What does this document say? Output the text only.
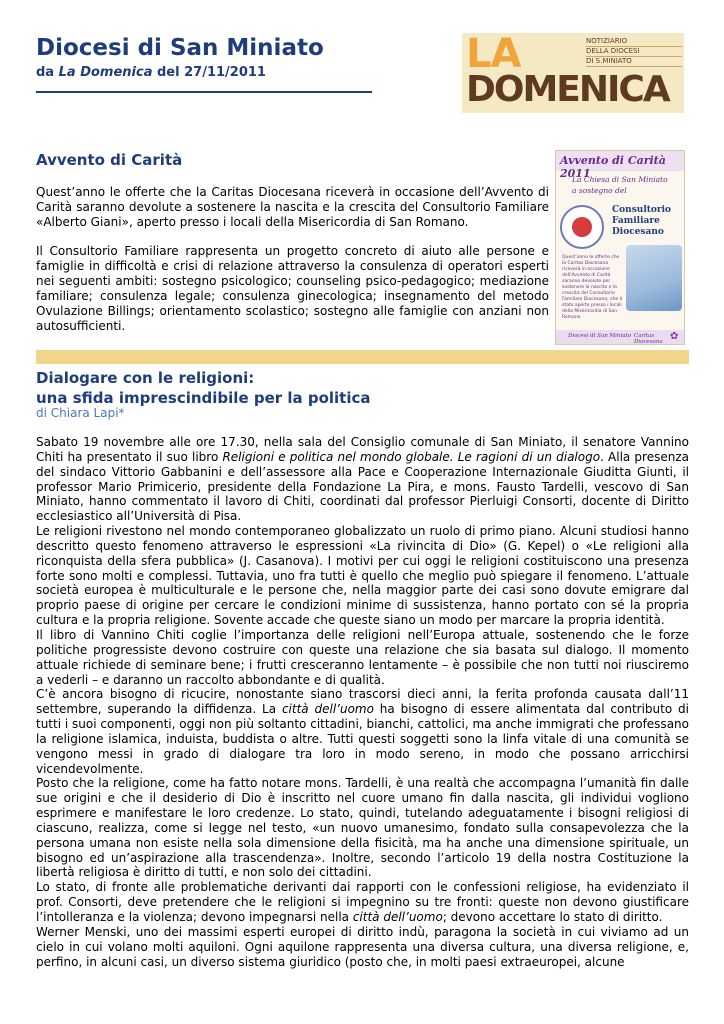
Diocesi di San Miniato
da La Domenica del 27/11/2011	LA
DOMENICA
NOTIZIARIO
DELLA DIOCESI
DI S.MINIATO
Avvento di Carità

Quest’anno le offerte che la Caritas Diocesana riceverà in occasione dell’Avvento di Carità saranno devolute a sostenere la nascita e la crescita del Consultorio Familiare «Alberto Giani», aperto presso i locali della Misericordia di San Romano.

Il Consultorio Familiare rappresenta un progetto concreto di aiuto alle persone e famiglie in difficoltà e crisi di relazione attraverso la consulenza di operatori esperti nei seguenti ambiti: sostegno psicologico; counseling psico-pedagogico; mediazione familiare; consulenza legale; consulenza ginecologica; insegnamento del metodo Ovulazione Billings; orientamento scolastico; sostegno alle famiglie con anziani non autosufficienti.

Avvento di Carità 2011
La Chiesa di San Miniato
a sostegno del
Consultorio
Familiare
Diocesano
Quest’anno le offerte che la Caritas Diocesana riceverà in occasione dell’Avvento di Carità saranno devolute per sostenere la nascita e la crescita del Consultorio Familiare Diocesano, che è stato aperto presso i locali della Misericordia di San Romano.
Diocesi di San Miniato Caritas Diocesana ✿
Dialogare con le religioni:
una sfida imprescindibile per la politica
di Chiara Lapi*

Sabato 19 novembre alle ore 17.30, nella sala del Consiglio comunale di San Miniato, il senatore Vannino Chiti ha presentato il suo libro Religioni e politica nel mondo globale. Le ragioni di un dialogo. Alla presenza del sindaco Vittorio Gabbanini e dell’assessore alla Pace e Cooperazione Internazionale Giuditta Giunti, il professor Mario Primicerio, presidente della Fondazione La Pira, e mons. Fausto Tardelli, vescovo di San Miniato, hanno commentato il lavoro di Chiti, coordinati dal professor Pierluigi Consorti, docente di Diritto ecclesiastico all’Università di Pisa.

Le religioni rivestono nel mondo contemporaneo globalizzato un ruolo di primo piano. Alcuni studiosi hanno descritto questo fenomeno attraverso le espressioni «La rivincita di Dio» (G. Kepel) o «Le religioni alla riconquista della sfera pubblica» (J. Casanova). I motivi per cui oggi le religioni costituiscono una presenza forte sono molti e complessi. Tuttavia, uno fra tutti è quello che meglio può spiegare il fenomeno. L’attuale società europea è multiculturale e le persone che, nella maggior parte dei casi sono dovute emigrare dal proprio paese di origine per cercare le condizioni minime di sussistenza, hanno portato con sé la propria cultura e la propria religione. Sovente accade che queste siano un modo per marcare la propria identità.

Il libro di Vannino Chiti coglie l’importanza delle religioni nell’Europa attuale, sostenendo che le forze politiche progressiste devono costruire con queste una relazione che sia basata sul dialogo. Il momento attuale richiede di seminare bene; i frutti cresceranno lentamente – è possibile che non tutti noi riusciremo a vederli – e daranno un raccolto abbondante e di qualità.

C’è ancora bisogno di ricucire, nonostante siano trascorsi dieci anni, la ferita profonda causata dall’11 settembre, superando la diffidenza. La città dell’uomo ha bisogno di essere alimentata dal contributo di tutti i suoi componenti, oggi non più soltanto cittadini, bianchi, cattolici, ma anche immigrati che professano la religione islamica, induista, buddista o altre. Tutti questi soggetti sono la linfa vitale di una comunità se vengono messi in grado di dialogare tra loro in modo sereno, in modo che possano arricchirsi vicendevolmente.

Posto che la religione, come ha fatto notare mons. Tardelli, è una realtà che accompagna l’umanità fin dalle sue origini e che il desiderio di Dio è inscritto nel cuore umano fin dalla nascita, gli individui vogliono esprimere e manifestare le loro credenze. Lo stato, quindi, tutelando adeguatamente i bisogni religiosi di ciascuno, realizza, come si legge nel testo, «un nuovo umanesimo, fondato sulla consapevolezza che la persona umana non esiste nella sola dimensione della fisicità, ma ha anche una dimensione spirituale, un bisogno ed un’aspirazione alla trascendenza». Inoltre, secondo l’articolo 19 della nostra Costituzione la libertà religiosa è diritto di tutti, e non solo dei cittadini.

Lo stato, di fronte alle problematiche derivanti dai rapporti con le confessioni religiose, ha evidenziato il prof. Consorti, deve pretendere che le religioni si impegnino su tre fronti: queste non devono giustificare l’intolleranza e la violenza; devono impegnarsi nella città dell’uomo; devono accettare lo stato di diritto.

Werner Menski, uno dei massimi esperti europei di diritto indù, paragona la società in cui viviamo ad un cielo in cui volano molti aquiloni. Ogni aquilone rappresenta una diversa cultura, una diversa religione, e, perfino, in alcuni casi, un diverso sistema giuridico (posto che, in molti paesi extraeuropei, alcune
